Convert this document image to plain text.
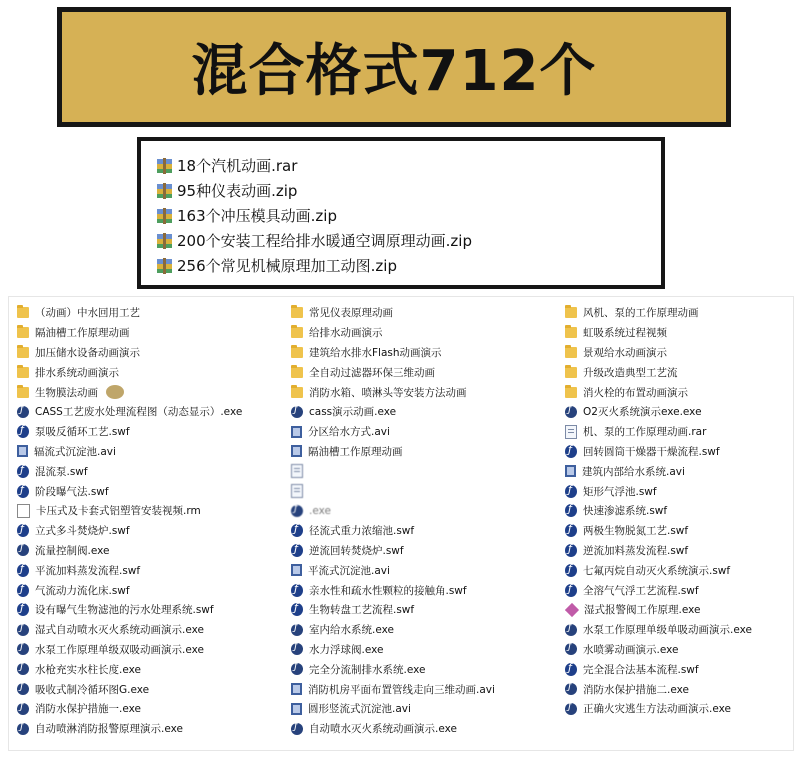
混合格式712个
18个汽机动画.rar
95种仪表动画.zip
163个冲压模具动画.zip
200个安装工程给排水暖通空调原理动画.zip
256个常见机械原理加工动图.zip
（动画）中水回用工艺
隔油槽工作原理动画
加压储水设备动画演示
排水系统动画演示
生物膜法动画
ƒ
CASS工艺废水处理流程图（动态显示）.exe
ƒ
泵吸反循环工艺.swf
辐流式沉淀池.avi
ƒ
混流泵.swf
ƒ
阶段曝气法.swf
卡压式及卡套式铝塑管安装视频.rm
ƒ
立式多斗焚烧炉.swf
ƒ
流量控制阀.exe
ƒ
平流加料蒸发流程.swf
ƒ
气流动力流化床.swf
ƒ
设有曝气生物滤池的污水处理系统.swf
ƒ
湿式自动喷水灭火系统动画演示.exe
ƒ
水泵工作原理单级双吸动画演示.exe
ƒ
水枪充实水柱长度.exe
ƒ
吸收式制冷循环图G.exe
ƒ
消防水保护措施一.exe
ƒ
自动喷淋消防报警原理演示.exe
常见仪表原理动画
给排水动画演示
建筑给水排水Flash动画演示
全自动过滤器环保三维动画
消防水箱、喷淋头等安装方法动画
ƒ
cass演示动画.exe
分区给水方式.avi
隔油槽工作原理动画
ƒ
.exe
ƒ
径流式重力浓缩池.swf
ƒ
逆流回转焚烧炉.swf
平流式沉淀池.avi
ƒ
亲水性和疏水性颗粒的接触角.swf
ƒ
生物转盘工艺流程.swf
ƒ
室内给水系统.exe
ƒ
水力浮球阀.exe
ƒ
完全分流制排水系统.exe
消防机房平面布置管线走向三维动画.avi
圆形竖流式沉淀池.avi
ƒ
自动喷水灭火系统动画演示.exe
风机、泵的工作原理动画
虹吸系统过程视频
景观给水动画演示
升级改造典型工艺流
消火栓的布置动画演示
ƒ
O2灭火系统演示exe.exe
机、泵的工作原理动画.rar
ƒ
回转圆筒干燥器干燥流程.swf
建筑内部给水系统.avi
ƒ
矩形气浮池.swf
ƒ
快速渗滤系统.swf
ƒ
两极生物脱氮工艺.swf
ƒ
逆流加料蒸发流程.swf
ƒ
七氟丙烷自动灭火系统演示.swf
ƒ
全溶气气浮工艺流程.swf
湿式报警阀工作原理.exe
ƒ
水泵工作原理单级单吸动画演示.exe
ƒ
水喷雾动画演示.exe
ƒ
完全混合法基本流程.swf
ƒ
消防水保护措施二.exe
ƒ
正确火灾逃生方法动画演示.exe
